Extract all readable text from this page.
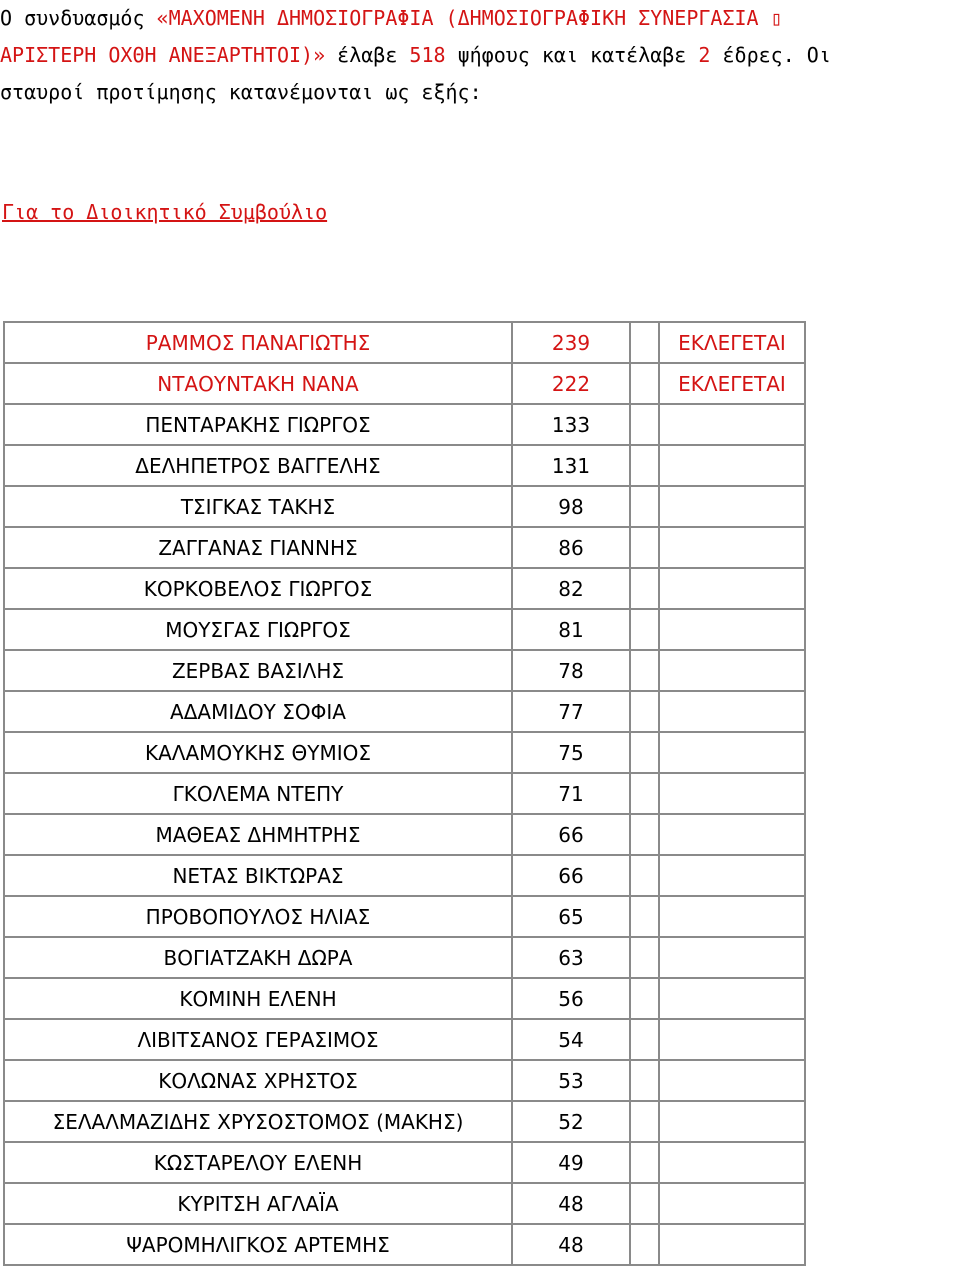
Ο συνδυασμός «ΜΑΧΟΜΕΝΗ ΔΗΜΟΣΙΟΓΡΑΦΙΑ (ΔΗΜΟΣΙΟΓΡΑΦΙΚΗ ΣΥΝΕΡΓΑΣΙΑ ▯
ΑΡΙΣΤΕΡΗ ΟΧΘΗ ΑΝΕΞΑΡΤΗΤΟΙ)» έλαβε 518 ψήφους και κατέλαβε 2 έδρες. Οι
σταυροί προτίμησης κατανέμονται ως εξής:
Για το Διοικητικό Συμβούλιο
ΡΑΜΜΟΣ ΠΑΝΑΓΙΩΤΗΣ	239		ΕΚΛΕΓΕΤΑΙ
ΝΤΑΟΥΝΤΑΚΗ ΝΑΝΑ	222		ΕΚΛΕΓΕΤΑΙ
ΠΕΝΤΑΡΑΚΗΣ ΓΙΩΡΓΟΣ	133		
ΔΕΛΗΠΕΤΡΟΣ ΒΑΓΓΕΛΗΣ	131		
ΤΣΙΓΚΑΣ ΤΑΚΗΣ	98		
ΖΑΓΓΑΝΑΣ ΓΙΑΝΝΗΣ	86		
ΚΟΡΚΟΒΕΛΟΣ ΓΙΩΡΓΟΣ	82		
ΜΟΥΣΓΑΣ ΓΙΩΡΓΟΣ	81		
ΖΕΡΒΑΣ ΒΑΣΙΛΗΣ	78		
ΑΔΑΜΙΔΟΥ ΣΟΦΙΑ	77		
ΚΑΛΑΜΟΥΚΗΣ ΘΥΜΙΟΣ	75		
ΓΚΟΛΕΜΑ ΝΤΕΠΥ	71		
ΜΑΘΕΑΣ ΔΗΜΗΤΡΗΣ	66		
ΝΕΤΑΣ ΒΙΚΤΩΡΑΣ	66		
ΠΡΟΒΟΠΟΥΛΟΣ ΗΛΙΑΣ	65		
ΒΟΓΙΑΤΖΑΚΗ ΔΩΡΑ	63		
ΚΟΜΙΝΗ ΕΛΕΝΗ	56		
ΛΙΒΙΤΣΑΝΟΣ ΓΕΡΑΣΙΜΟΣ	54		
ΚΟΛΩΝΑΣ ΧΡΗΣΤΟΣ	53		
ΣΕΛΑΛΜΑΖΙΔΗΣ ΧΡΥΣΟΣΤΟΜΟΣ (ΜΑΚΗΣ)	52		
ΚΩΣΤΑΡΕΛΟΥ ΕΛΕΝΗ	49		
ΚΥΡΙΤΣΗ ΑΓΛΑΪΑ	48		
ΨΑΡΟΜΗΛΙΓΚΟΣ ΑΡΤΕΜΗΣ	48		
